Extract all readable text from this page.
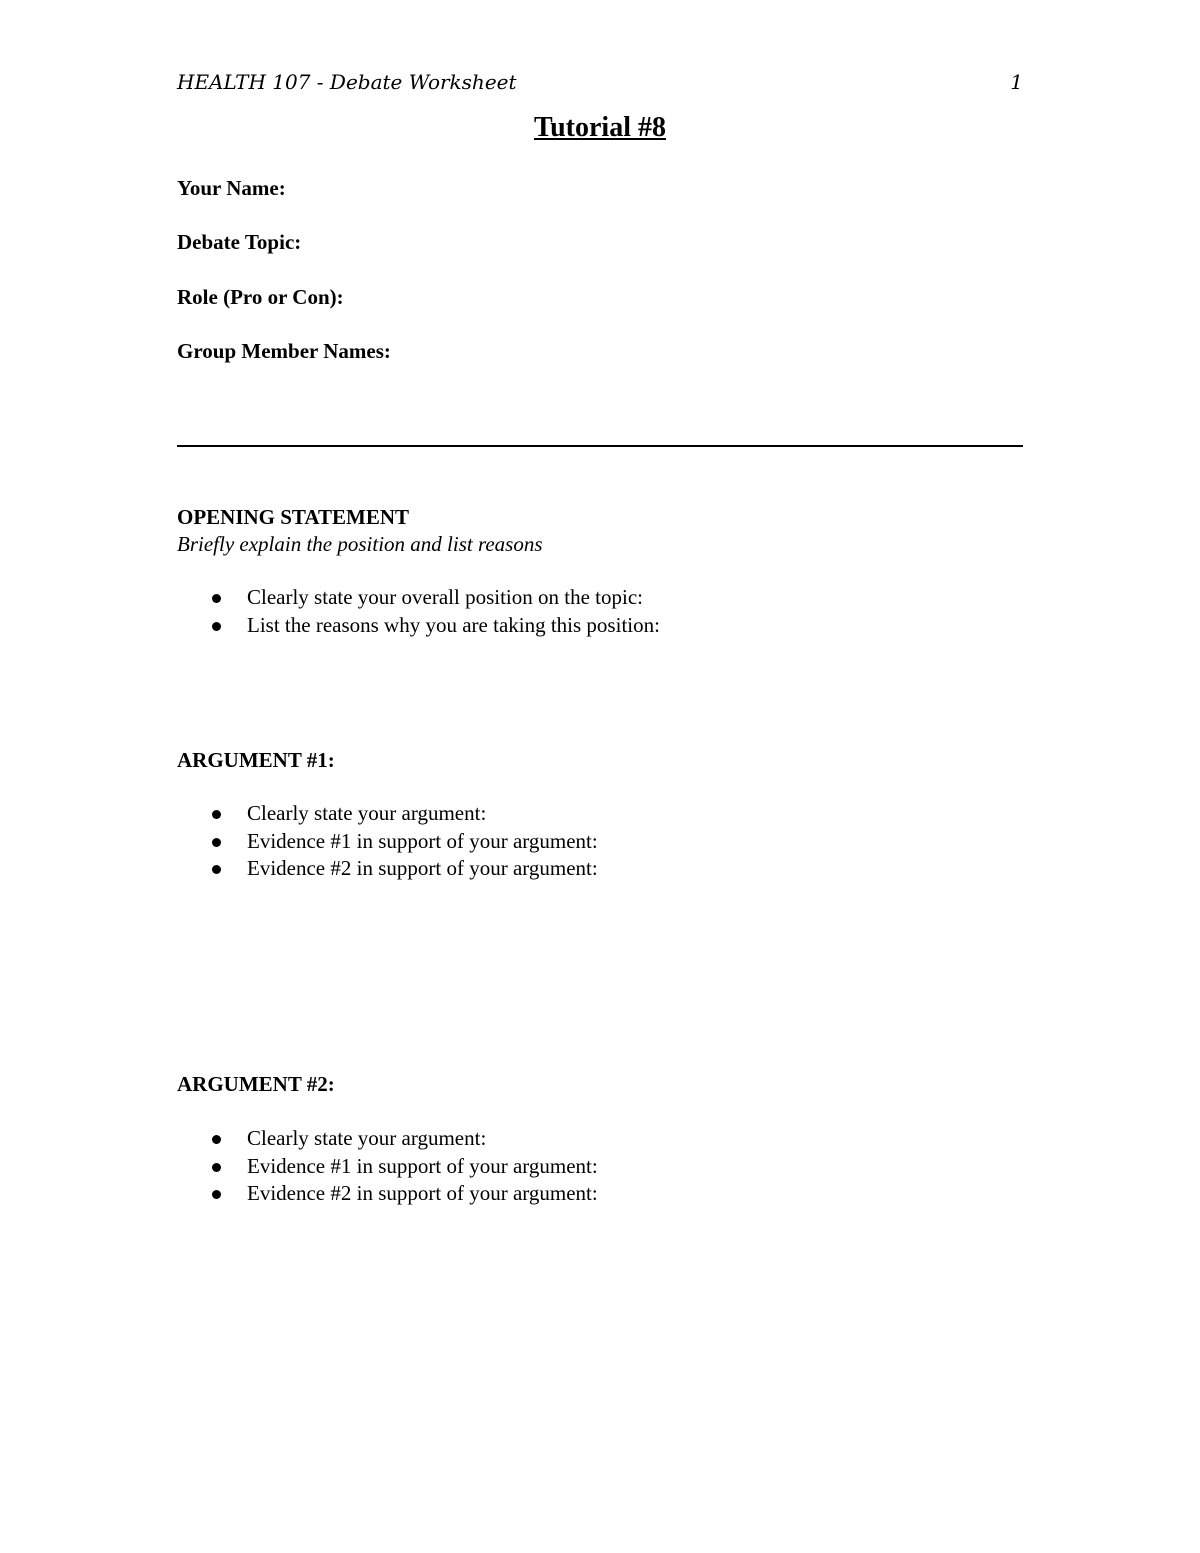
HEALTH 107 - Debate Worksheet	1
Tutorial #8
Your Name:
Debate Topic:
Role (Pro or Con):
Group Member Names:
OPENING STATEMENT
Briefly explain the position and list reasons
Clearly state your overall position on the topic:
List the reasons why you are taking this position:
ARGUMENT #1:
Clearly state your argument:
Evidence #1 in support of your argument:
Evidence #2 in support of your argument:
ARGUMENT #2:
Clearly state your argument:
Evidence #1 in support of your argument:
Evidence #2 in support of your argument:
